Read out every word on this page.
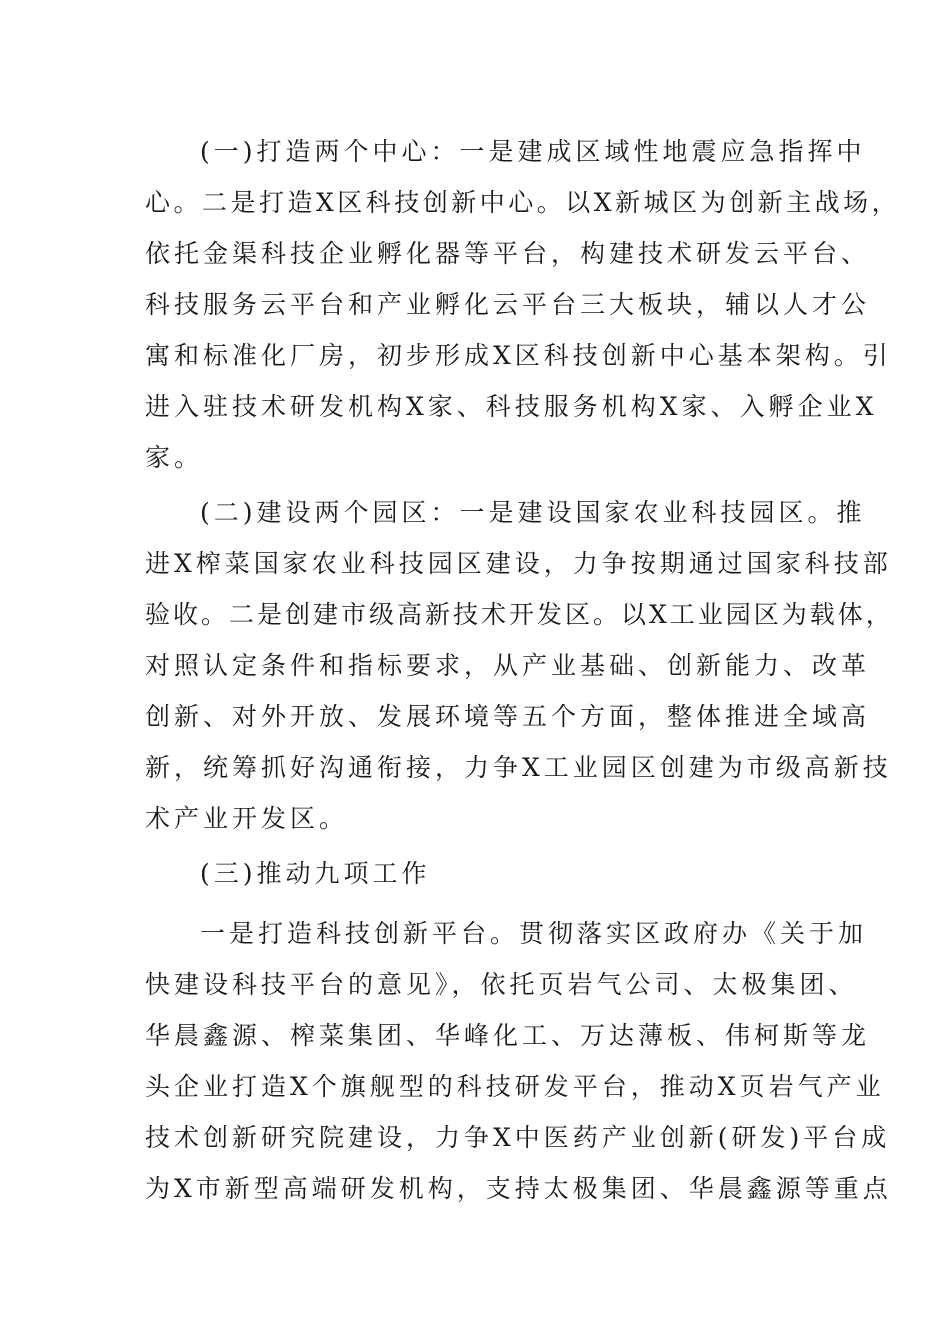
(一)打造两个中心：一是建成区域性地震应急指挥中
心。二是打造X区科技创新中心。以X新城区为创新主战场，
依托金渠科技企业孵化器等平台，构建技术研发云平台、
科技服务云平台和产业孵化云平台三大板块，辅以人才公
寓和标准化厂房，初步形成X区科技创新中心基本架构。引
进入驻技术研发机构X家、科技服务机构X家、入孵企业X
家。
(二)建设两个园区：一是建设国家农业科技园区。推
进X榨菜国家农业科技园区建设，力争按期通过国家科技部
验收。二是创建市级高新技术开发区。以X工业园区为载体，
对照认定条件和指标要求，从产业基础、创新能力、改革
创新、对外开放、发展环境等五个方面，整体推进全域高
新，统筹抓好沟通衔接，力争X工业园区创建为市级高新技
术产业开发区。
(三)推动九项工作
一是打造科技创新平台。贯彻落实区政府办《关于加
快建设科技平台的意见》，依托页岩气公司、太极集团、
华晨鑫源、榨菜集团、华峰化工、万达薄板、伟柯斯等龙
头企业打造X个旗舰型的科技研发平台，推动X页岩气产业
技术创新研究院建设，力争X中医药产业创新(研发)平台成
为X市新型高端研发机构，支持太极集团、华晨鑫源等重点
